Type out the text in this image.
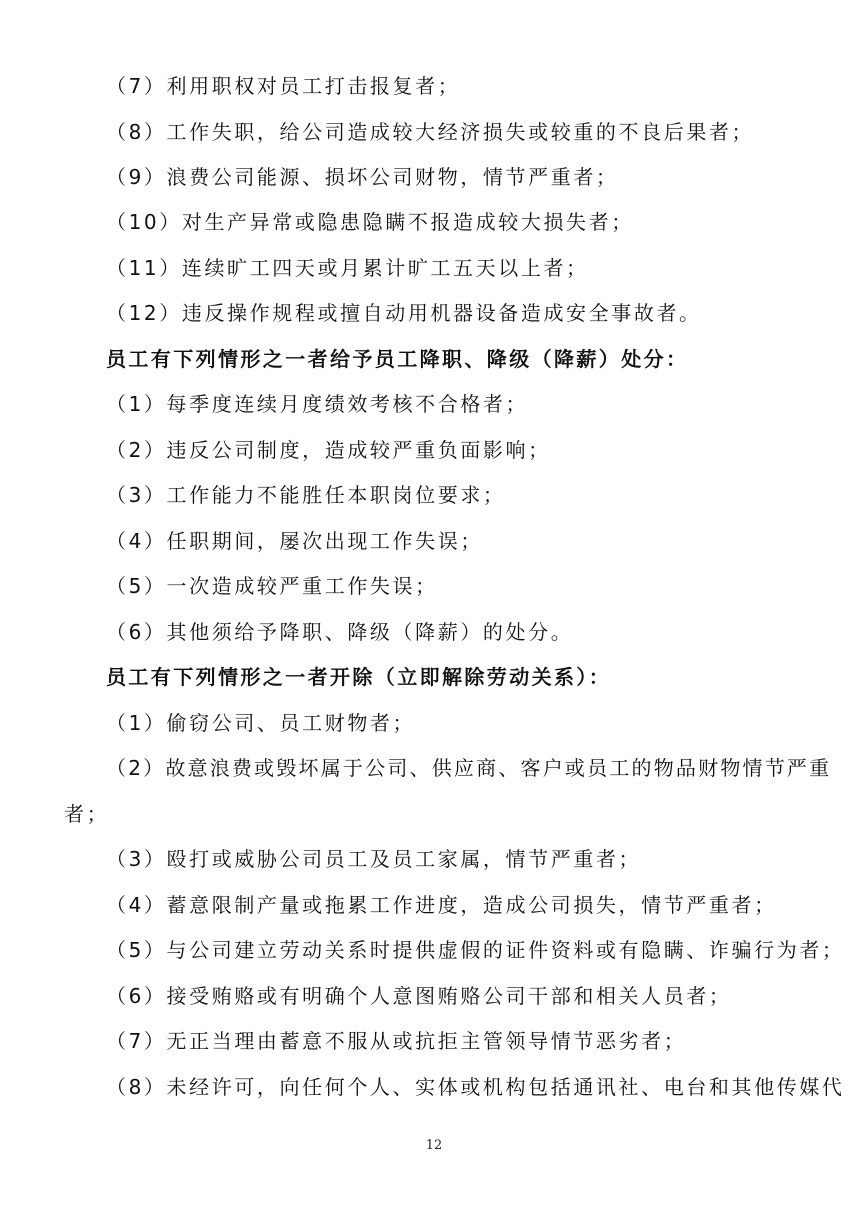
（7）利用职权对员工打击报复者；
（8）工作失职，给公司造成较大经济损失或较重的不良后果者；
（9）浪费公司能源、损坏公司财物，情节严重者；
（10）对生产异常或隐患隐瞒不报造成较大损失者；
（11）连续旷工四天或月累计旷工五天以上者；
（12）违反操作规程或擅自动用机器设备造成安全事故者。
员工有下列情形之一者给予员工降职、降级（降薪）处分：
（1）每季度连续月度绩效考核不合格者；
（2）违反公司制度，造成较严重负面影响；
（3）工作能力不能胜任本职岗位要求；
（4）任职期间，屡次出现工作失误；
（5）一次造成较严重工作失误；
（6）其他须给予降职、降级（降薪）的处分。
员工有下列情形之一者开除（立即解除劳动关系）：
（1）偷窃公司、员工财物者；
（2）故意浪费或毁坏属于公司、供应商、客户或员工的物品财物情节严重
者；
（3）殴打或威胁公司员工及员工家属，情节严重者；
（4）蓄意限制产量或拖累工作进度，造成公司损失，情节严重者；
（5）与公司建立劳动关系时提供虚假的证件资料或有隐瞒、诈骗行为者；
（6）接受贿赂或有明确个人意图贿赂公司干部和相关人员者；
（7）无正当理由蓄意不服从或抗拒主管领导情节恶劣者；
（8）未经许可，向任何个人、实体或机构包括通讯社、电台和其他传媒代
12
